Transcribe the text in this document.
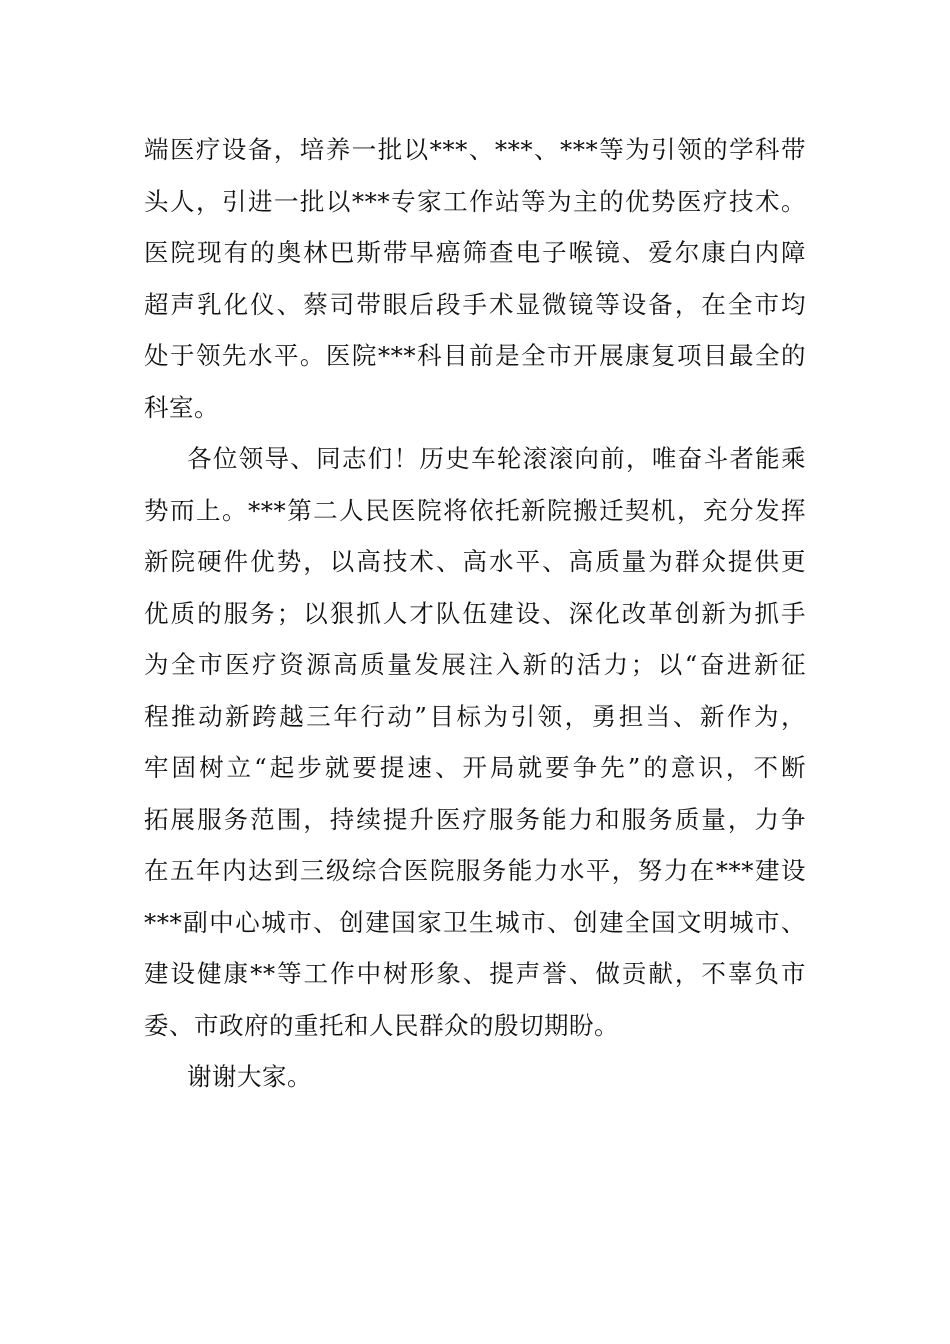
端医疗设备，培养一批以***、***、***等为引领的学科带
头人，引进一批以***专家工作站等为主的优势医疗技术。
医院现有的奥林巴斯带早癌筛查电子喉镜、爱尔康白内障
超声乳化仪、蔡司带眼后段手术显微镜等设备，在全市均
处于领先水平。医院***科目前是全市开展康复项目最全的
科室。
各位领导、同志们！历史车轮滚滚向前，唯奋斗者能乘
势而上。***第二人民医院将依托新院搬迁契机，充分发挥
新院硬件优势，以高技术、高水平、高质量为群众提供更
优质的服务；以狠抓人才队伍建设、深化改革创新为抓手
为全市医疗资源高质量发展注入新的活力；以“奋进新征
程推动新跨越三年行动”目标为引领，勇担当、新作为，
牢固树立“起步就要提速、开局就要争先”的意识，不断
拓展服务范围，持续提升医疗服务能力和服务质量，力争
在五年内达到三级综合医院服务能力水平，努力在***建设
***副中心城市、创建国家卫生城市、创建全国文明城市、
建设健康**等工作中树形象、提声誉、做贡献，不辜负市
委、市政府的重托和人民群众的殷切期盼。
谢谢大家。
